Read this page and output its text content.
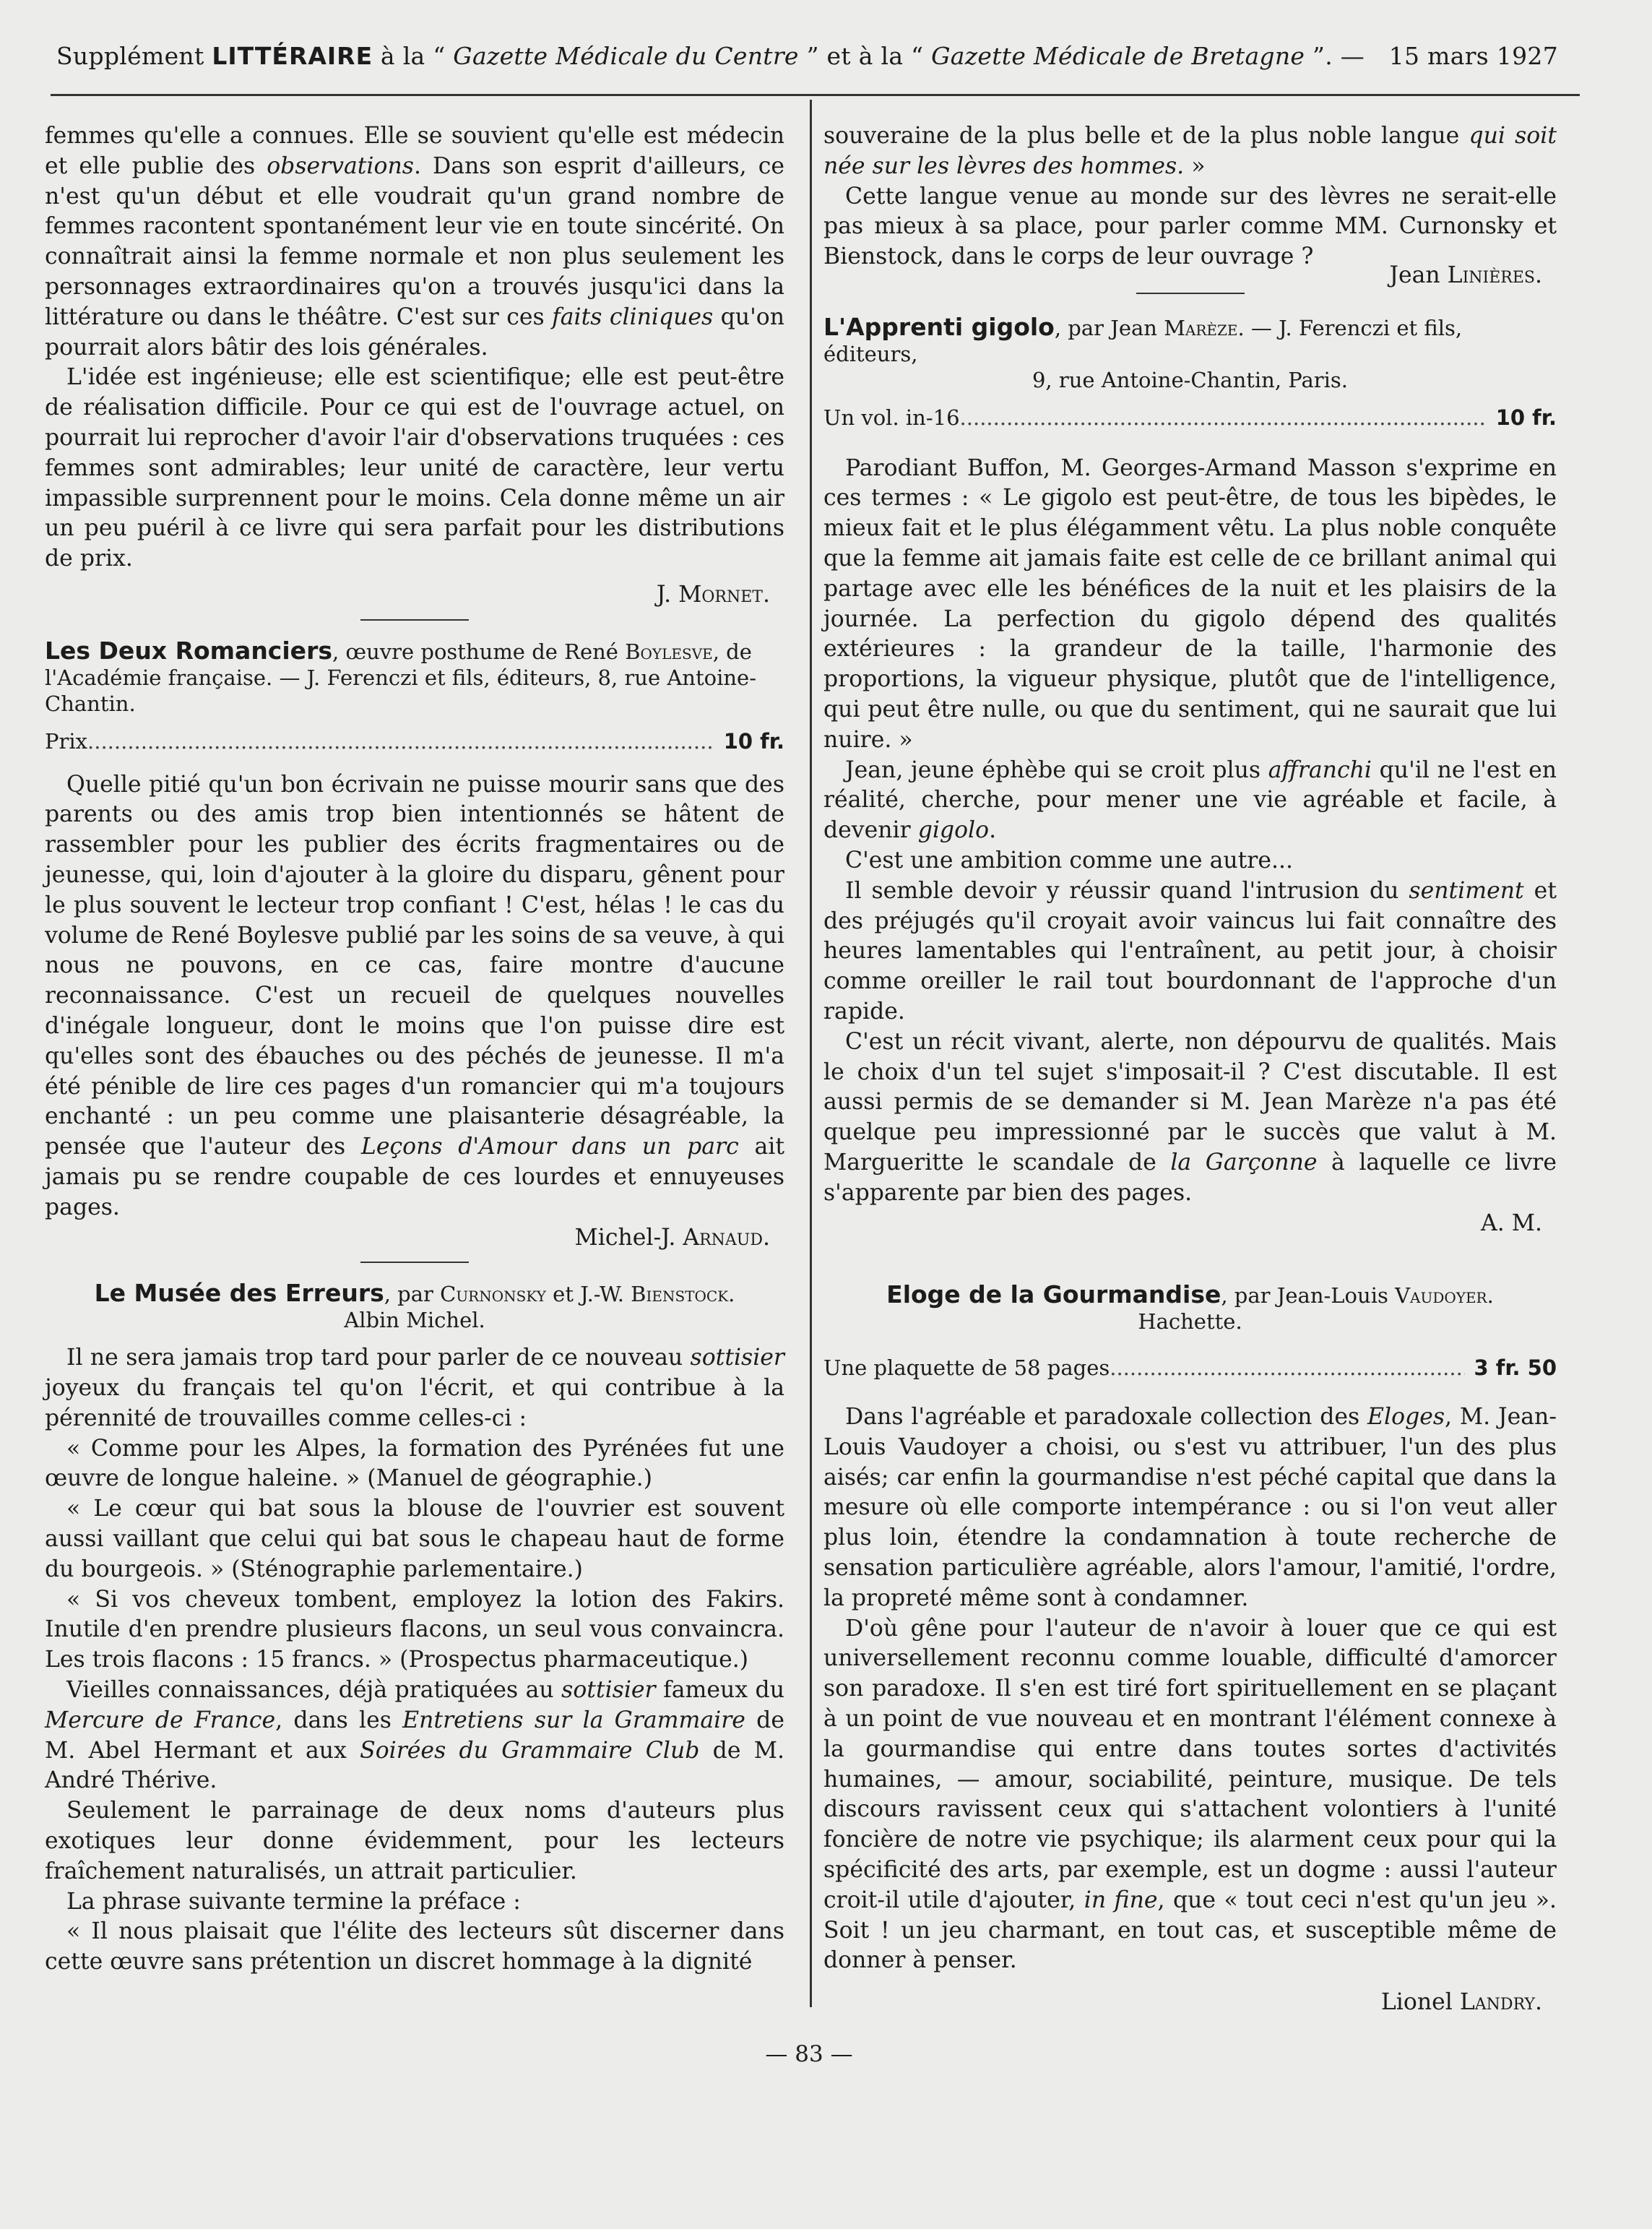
Supplément LITTÉRAIRE à la “ Gazette Médicale du Centre ” et à la “ Gazette Médicale de Bretagne ”. — 15 mars 1927

femmes qu'elle a connues. Elle se souvient qu'elle est médecin et elle publie des observations. Dans son esprit d'ailleurs, ce n'est qu'un début et elle voudrait qu'un grand nombre de femmes racontent spontanément leur vie en toute sincérité. On connaîtrait ainsi la femme normale et non plus seulement les personnages extraordinaires qu'on a trouvés jusqu'ici dans la littérature ou dans le théâtre. C'est sur ces faits cliniques qu'on pourrait alors bâtir des lois générales.

L'idée est ingénieuse; elle est scientifique; elle est peut-être de réalisation difficile. Pour ce qui est de l'ouvrage actuel, on pourrait lui reprocher d'avoir l'air d'observations truquées : ces femmes sont admirables; leur unité de caractère, leur vertu impassible surprennent pour le moins. Cela donne même un air un peu puéril à ce livre qui sera parfait pour les distributions de prix.

J. Mornet.

Les Deux Romanciers, œuvre posthume de René Boylesve, de l'Académie française. — J. Ferenczi et fils, éditeurs, 8, rue Antoine-Chantin.

Prix .....	10 fr.

Quelle pitié qu'un bon écrivain ne puisse mourir sans que des parents ou des amis trop bien intentionnés se hâtent de rassembler pour les publier des écrits fragmentaires ou de jeunesse, qui, loin d'ajouter à la gloire du disparu, gênent pour le plus souvent le lecteur trop confiant ! C'est, hélas ! le cas du volume de René Boylesve publié par les soins de sa veuve, à qui nous ne pouvons, en ce cas, faire montre d'aucune reconnaissance. C'est un recueil de quelques nouvelles d'inégale longueur, dont le moins que l'on puisse dire est qu'elles sont des ébauches ou des péchés de jeunesse. Il m'a été pénible de lire ces pages d'un romancier qui m'a toujours enchanté : un peu comme une plaisanterie désagréable, la pensée que l'auteur des Leçons d'Amour dans un parc ait jamais pu se rendre coupable de ces lourdes et ennuyeuses pages.

Michel-J. Arnaud.

Le Musée des Erreurs, par Curnonsky et J.-W. Bienstock.
Albin Michel.

Il ne sera jamais trop tard pour parler de ce nouveau sottisier joyeux du français tel qu'on l'écrit, et qui contribue à la pérennité de trouvailles comme celles-ci :

« Comme pour les Alpes, la formation des Pyrénées fut une œuvre de longue haleine. » (Manuel de géographie.)

« Le cœur qui bat sous la blouse de l'ouvrier est souvent aussi vaillant que celui qui bat sous le chapeau haut de forme du bourgeois. » (Sténographie parlementaire.)

« Si vos cheveux tombent, employez la lotion des Fakirs. Inutile d'en prendre plusieurs flacons, un seul vous convaincra. Les trois flacons : 15 francs. » (Prospectus pharmaceutique.)

Vieilles connaissances, déjà pratiquées au sottisier fameux du Mercure de France, dans les Entretiens sur la Grammaire de M. Abel Hermant et aux Soirées du Grammaire Club de M. André Thérive.

Seulement le parrainage de deux noms d'auteurs plus exotiques leur donne évidemment, pour les lecteurs fraîchement naturalisés, un attrait particulier.

La phrase suivante termine la préface :

« Il nous plaisait que l'élite des lecteurs sût discerner dans cette œuvre sans prétention un discret hommage à la dignité

souveraine de la plus belle et de la plus noble langue qui soit née sur les lèvres des hommes. »

Cette langue venue au monde sur des lèvres ne serait-elle pas mieux à sa place, pour parler comme MM. Curnonsky et Bienstock, dans le corps de leur ouvrage ?

Jean Linières.

L'Apprenti gigolo, par Jean Marèze. — J. Ferenczi et fils, éditeurs,

9, rue Antoine-Chantin, Paris.

Un vol. in-16 .....	10 fr.

Parodiant Buffon, M. Georges-Armand Masson s'exprime en ces termes : « Le gigolo est peut-être, de tous les bipèdes, le mieux fait et le plus élégamment vêtu. La plus noble conquête que la femme ait jamais faite est celle de ce brillant animal qui partage avec elle les bénéfices de la nuit et les plaisirs de la journée. La perfection du gigolo dépend des qualités extérieures : la grandeur de la taille, l'harmonie des proportions, la vigueur physique, plutôt que de l'intelligence, qui peut être nulle, ou que du sentiment, qui ne saurait que lui nuire. »

Jean, jeune éphèbe qui se croit plus affranchi qu'il ne l'est en réalité, cherche, pour mener une vie agréable et facile, à devenir gigolo.

C'est une ambition comme une autre...

Il semble devoir y réussir quand l'intrusion du sentiment et des préjugés qu'il croyait avoir vaincus lui fait connaître des heures lamentables qui l'entraînent, au petit jour, à choisir comme oreiller le rail tout bourdonnant de l'approche d'un rapide.

C'est un récit vivant, alerte, non dépourvu de qualités. Mais le choix d'un tel sujet s'imposait-il ? C'est discutable. Il est aussi permis de se demander si M. Jean Marèze n'a pas été quelque peu impressionné par le succès que valut à M. Margueritte le scandale de la Garçonne à laquelle ce livre s'apparente par bien des pages.

A. M.

Eloge de la Gourmandise, par Jean-Louis Vaudoyer.
Hachette.

Une plaquette de 58 pages .....	3 fr. 50

Dans l'agréable et paradoxale collection des Eloges, M. Jean-Louis Vaudoyer a choisi, ou s'est vu attribuer, l'un des plus aisés; car enfin la gourmandise n'est péché capital que dans la mesure où elle comporte intempérance : ou si l'on veut aller plus loin, étendre la condamnation à toute recherche de sensation particulière agréable, alors l'amour, l'amitié, l'ordre, la propreté même sont à condamner.

D'où gêne pour l'auteur de n'avoir à louer que ce qui est universellement reconnu comme louable, difficulté d'amorcer son paradoxe. Il s'en est tiré fort spirituellement en se plaçant à un point de vue nouveau et en montrant l'élément connexe à la gourmandise qui entre dans toutes sortes d'activités humaines, — amour, sociabilité, peinture, musique. De tels discours ravissent ceux qui s'attachent volontiers à l'unité foncière de notre vie psychique; ils alarment ceux pour qui la spécificité des arts, par exemple, est un dogme : aussi l'auteur croit-il utile d'ajouter, in fine, que « tout ceci n'est qu'un jeu ». Soit ! un jeu charmant, en tout cas, et susceptible même de donner à penser.

Lionel Landry.

— 83 —
